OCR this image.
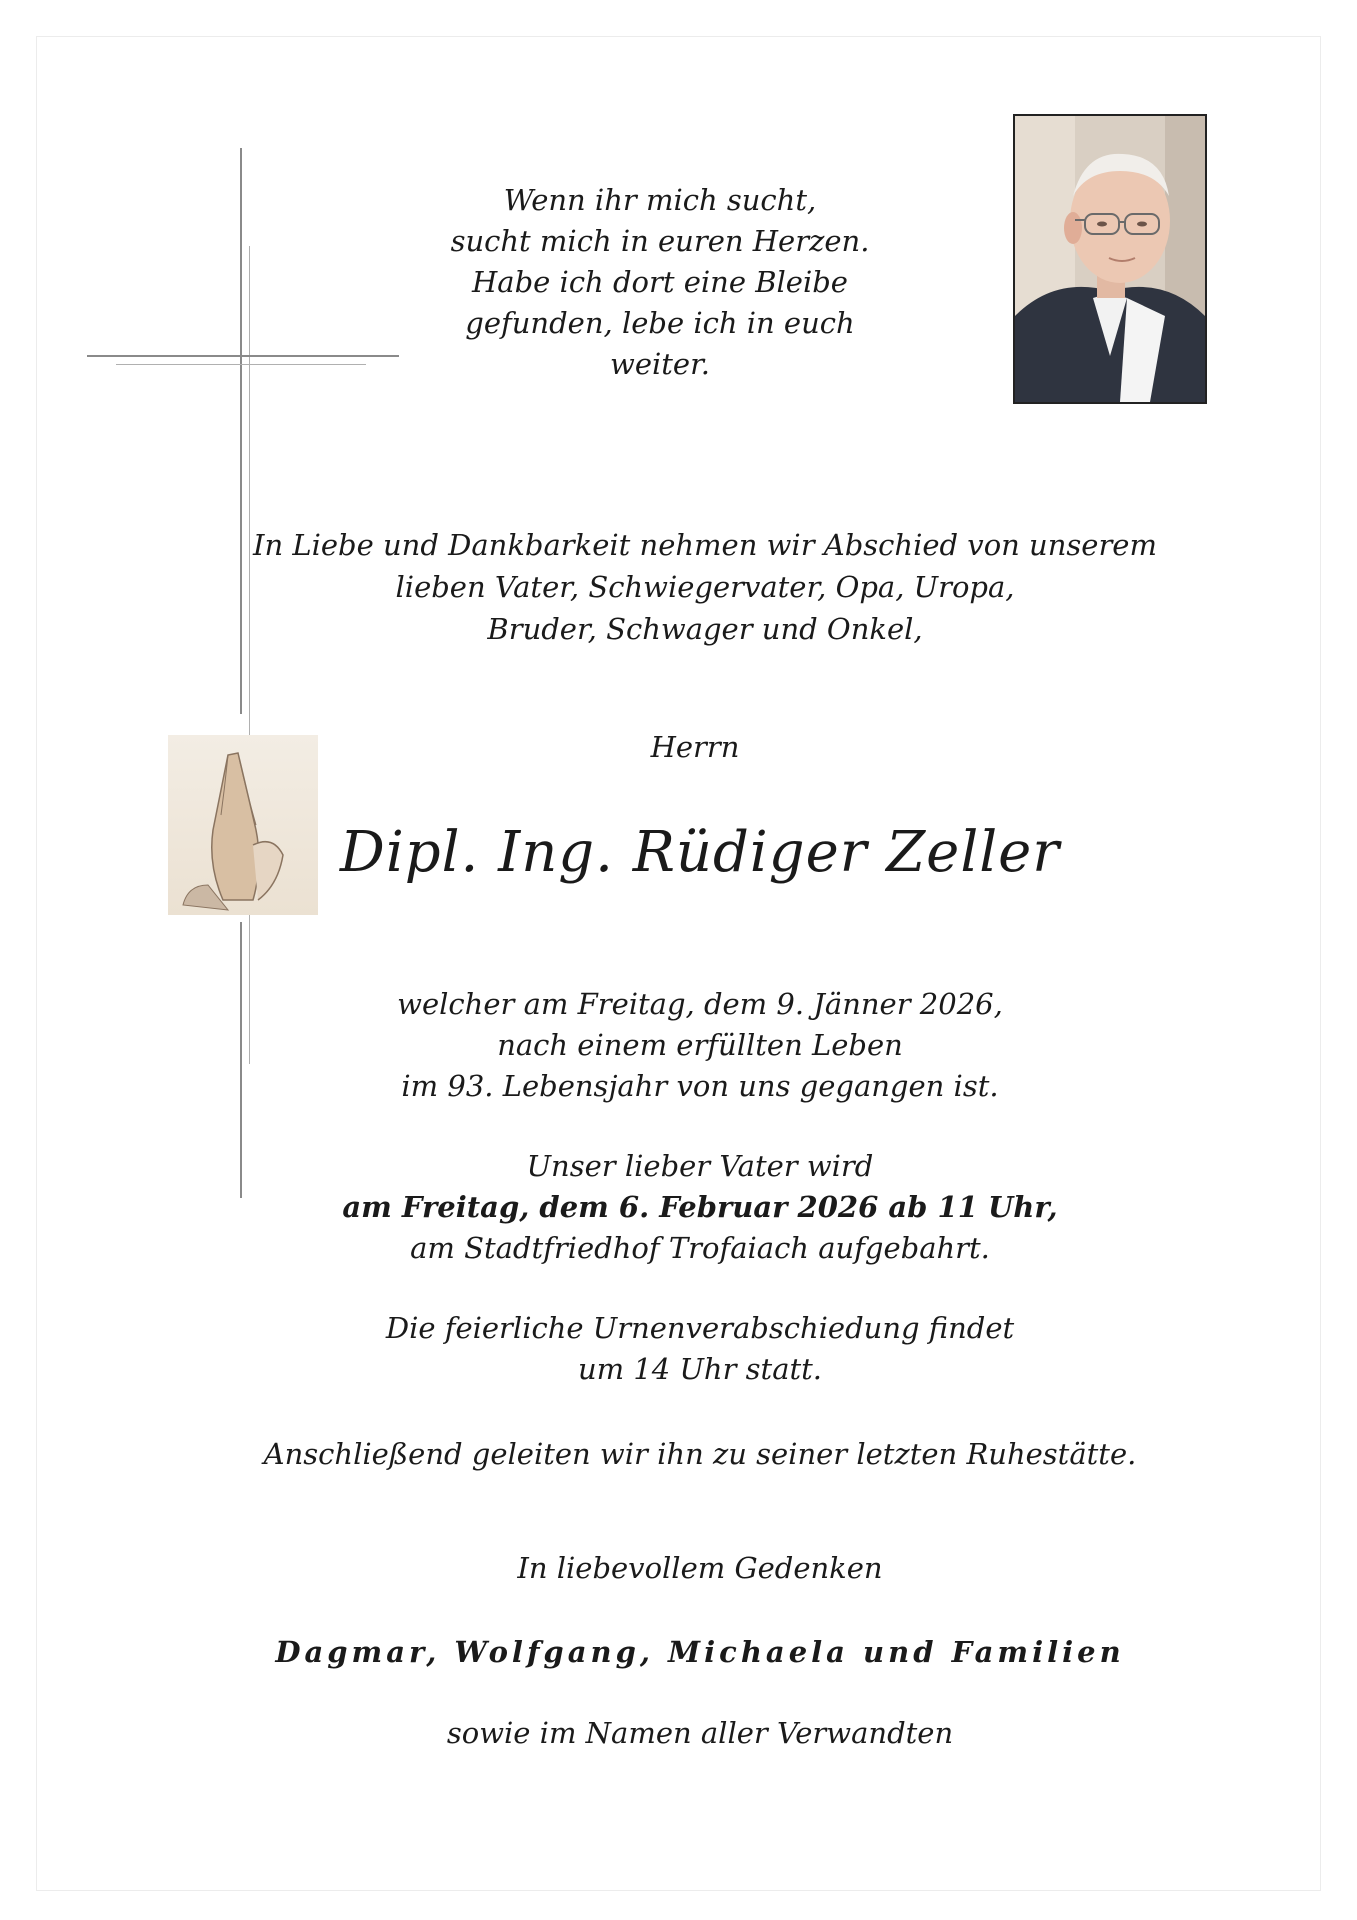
Wenn ihr mich sucht,
sucht mich in euren Herzen.
Habe ich dort eine Bleibe
gefunden, lebe ich in euch
weiter.
In Liebe und Dankbarkeit nehmen wir Abschied von unserem
lieben Vater, Schwiegervater, Opa, Uropa,
Bruder, Schwager und Onkel,
Herrn
Dipl. Ing. Rüdiger Zeller
welcher am Freitag, dem 9. Jänner 2026,
nach einem erfüllten Leben
im 93. Lebensjahr von uns gegangen ist.
Unser lieber Vater wird
am Freitag, dem 6. Februar 2026 ab 11 Uhr,
am Stadtfriedhof Trofaiach aufgebahrt.
Die feierliche Urnenverabschiedung findet
um 14 Uhr statt.
Anschließend geleiten wir ihn zu seiner letzten Ruhestätte.
In liebevollem Gedenken
Dagmar, Wolfgang, Michaela und Familien
sowie im Namen aller Verwandten
